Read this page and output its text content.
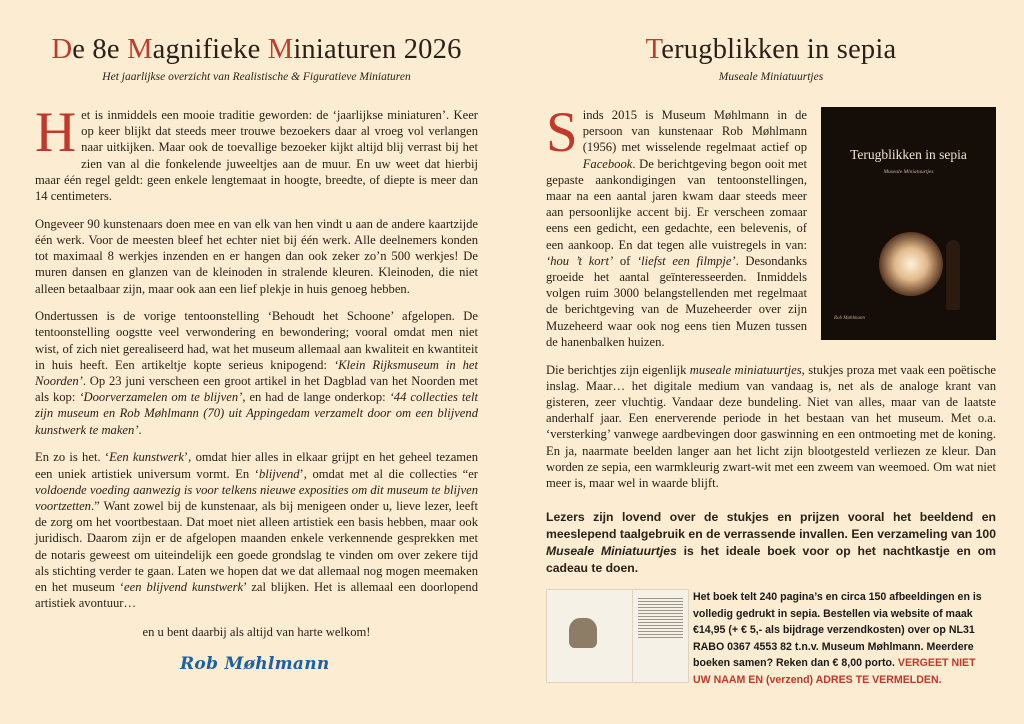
De 8e Magnifieke Miniaturen 2026
Het jaarlijkse overzicht van Realistische & Figuratieve Miniaturen

Het is inmiddels een mooie traditie geworden: de ‘jaarlijkse miniaturen’. Keer op keer blijkt dat steeds meer trouwe bezoekers daar al vroeg vol verlangen naar uitkijken. Maar ook de toevallige bezoeker kijkt altijd blij verrast bij het zien van al die fonkelende juweeltjes aan de muur. En uw weet dat hierbij maar één regel geldt: geen enkele lengtemaat in hoogte, breedte, of diepte is meer dan 14 centimeters.

Ongeveer 90 kunstenaars doen mee en van elk van hen vindt u aan de andere kaartzijde één werk. Voor de meesten bleef het echter niet bij één werk. Alle deelnemers konden tot maximaal 8 werkjes inzenden en er hangen dan ook zeker zo’n 500 werkjes! De muren dansen en glanzen van de kleinoden in stralende kleuren. Kleinoden, die niet alleen betaalbaar zijn, maar ook aan een lief plekje in huis genoeg hebben.

Ondertussen is de vorige tentoonstelling ‘Behoudt het Schoone’ afgelopen. De tentoonstelling oogstte veel verwondering en bewondering; vooral omdat men niet wist, of zich niet gerealiseerd had, wat het museum allemaal aan kwaliteit en kwantiteit in huis heeft. Een artikeltje kopte serieus knipogend: ‘Klein Rijksmuseum in het Noorden’. Op 23 juni verscheen een groot artikel in het Dagblad van het Noorden met als kop: ‘Doorverzamelen om te blijven’, en had de lange onderkop: ‘44 collecties telt zijn museum en Rob Møhlmann (70) uit Appingedam verzamelt door om een blijvend kunstwerk te maken’.

En zo is het. ‘Een kunstwerk’, omdat hier alles in elkaar grijpt en het geheel tezamen een uniek artistiek universum vormt. En ‘blijvend’, omdat met al die collecties “er voldoende voeding aanwezig is voor telkens nieuwe exposities om dit museum te blijven voortzetten.” Want zowel bij de kunstenaar, als bij menigeen onder u, lieve lezer, leeft de zorg om het voortbestaan. Dat moet niet alleen artistiek een basis hebben, maar ook juridisch. Daarom zijn er de afgelopen maanden enkele verkennende gesprekken met de notaris geweest om uiteindelijk een goede grondslag te vinden om over zekere tijd als stichting verder te gaan. Laten we hopen dat we dat allemaal nog mogen meemaken en het museum ‘een blijvend kunstwerk’ zal blijken. Het is allemaal een doorlopend artistiek avontuur…

en u bent daarbij als altijd van harte welkom!
Rob Møhlmann
Terugblikken in sepia
Museale Miniatuurtjes
Terugblikken in sepia
Museale Miniatuurtjes
Rob Møhlmann

Sinds 2015 is Museum Møhlmann in de persoon van kunstenaar Rob Møhlmann (1956) met wisselende regelmaat actief op Facebook. De berichtgeving begon ooit met gepaste aankondigingen van tentoonstellingen, maar na een aantal jaren kwam daar steeds meer aan persoonlijke accent bij. Er verscheen zomaar eens een gedicht, een gedachte, een belevenis, of een aankoop. En dat tegen alle vuistregels in van: ‘hou ’t kort’ of ‘liefst een filmpje’. Desondanks groeide het aantal geïnteresseerden. Inmiddels volgen ruim 3000 belangstellenden met regelmaat de berichtgeving van de Muzeheerder over zijn Muzeheerd waar ook nog eens tien Muzen tussen de hanenbalken huizen.

Die berichtjes zijn eigenlijk museale miniatuurtjes, stukjes proza met vaak een poëtische inslag. Maar… het digitale medium van vandaag is, net als de analoge krant van gisteren, zeer vluchtig. Vandaar deze bundeling. Niet van alles, maar van de laatste anderhalf jaar. Een enerverende periode in het bestaan van het museum. Met o.a. ‘versterking’ vanwege aardbevingen door gaswinning en een ontmoeting met de koning. En ja, naarmate beelden langer aan het licht zijn blootgesteld verliezen ze kleur. Dan worden ze sepia, een warmkleurig zwart-wit met een zweem van weemoed. Om wat niet meer is, maar wel in waarde blijft.

Lezers zijn lovend over de stukjes en prijzen vooral het beeldend en meeslepend taalgebruik en de verrassende invallen. Een verzameling van 100 Museale Miniatuurtjes is het ideale boek voor op het nachtkastje en om cadeau te doen.
Het boek telt 240 pagina’s en circa 150 afbeeldingen en is volledig gedrukt in sepia. Bestellen via website of maak €14,95 (+ € 5,- als bijdrage verzendkosten) over op NL31 RABO 0367 4553 82 t.n.v. Museum Møhlmann. Meerdere boeken samen? Reken dan € 8,00 porto. VERGEET NIET UW NAAM EN (verzend) ADRES TE VERMELDEN.
